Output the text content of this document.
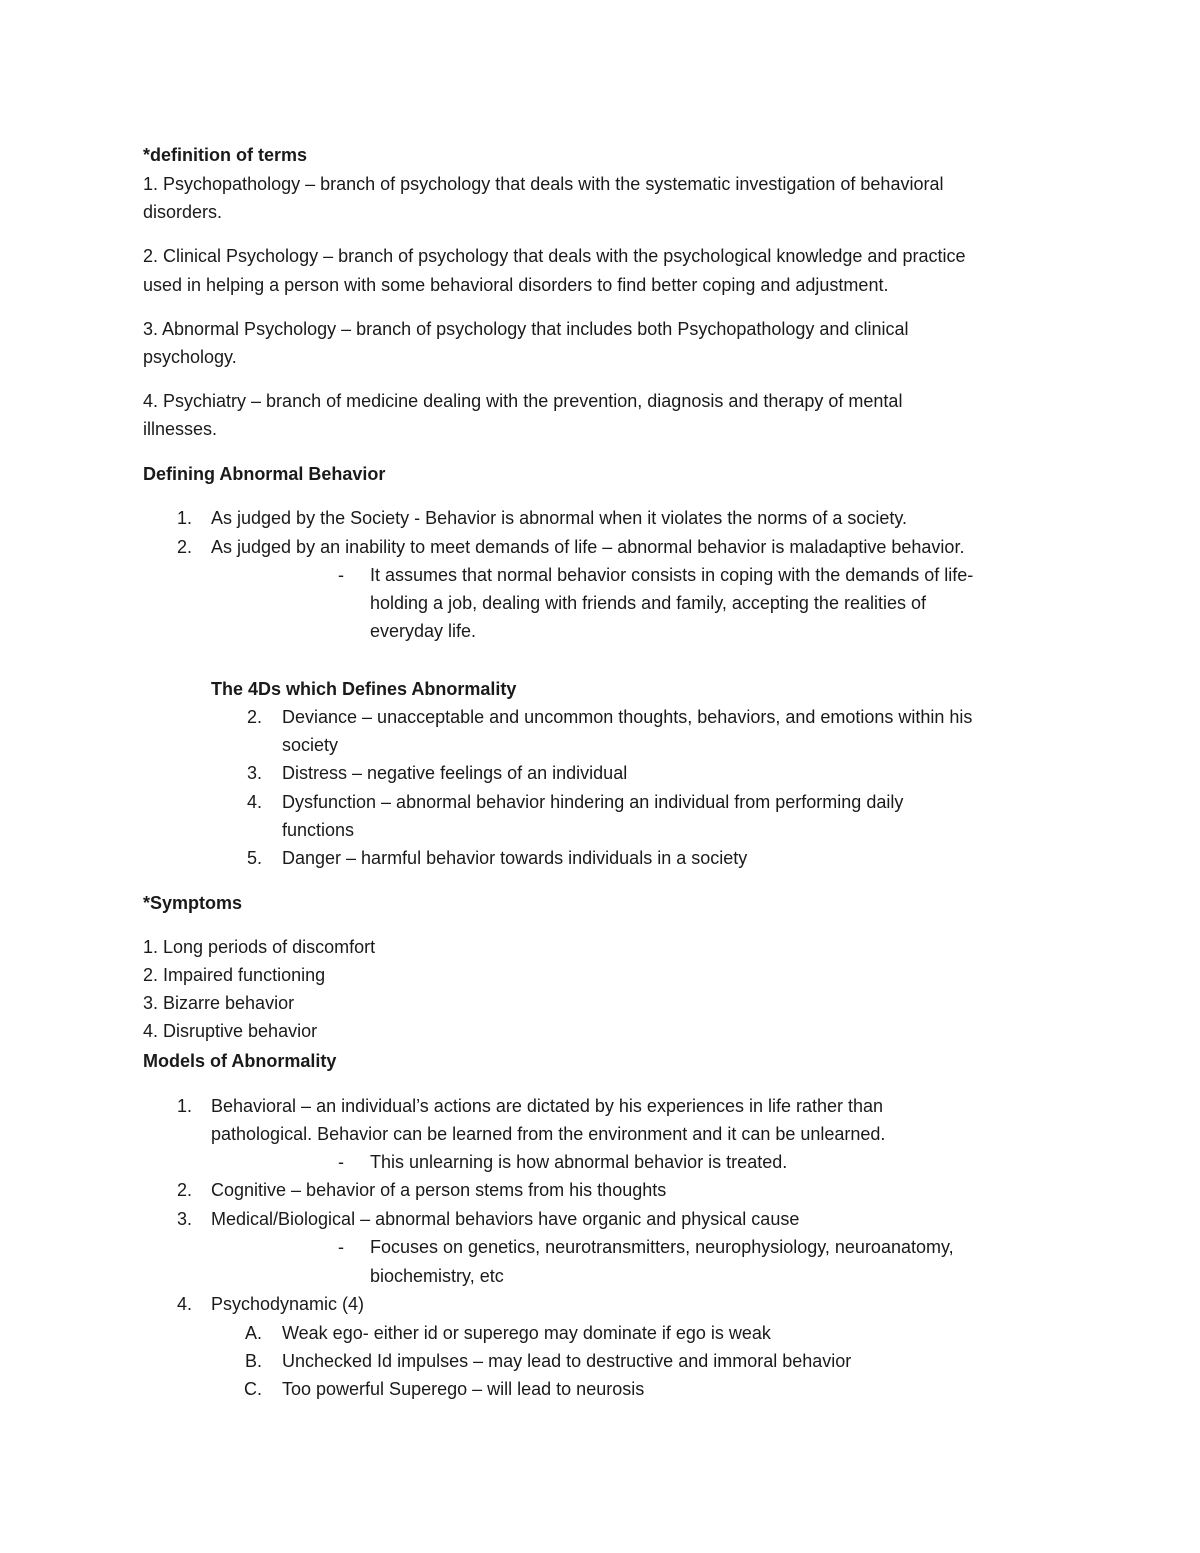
*definition of terms
1. Psychopathology – branch of psychology that deals with the systematic investigation of behavioral
disorders.
2. Clinical Psychology – branch of psychology that deals with the psychological knowledge and practice
used in helping a person with some behavioral disorders to find better coping and adjustment.
3. Abnormal Psychology – branch of psychology that includes both Psychopathology and clinical
psychology.
4. Psychiatry – branch of medicine dealing with the prevention, diagnosis and therapy of mental
illnesses.
Defining Abnormal Behavior
1. As judged by the Society - Behavior is abnormal when it violates the norms of a society.
2. As judged by an inability to meet demands of life – abnormal behavior is maladaptive behavior.
- It assumes that normal behavior consists in coping with the demands of life-
holding a job, dealing with friends and family, accepting the realities of
everyday life.
The 4Ds which Defines Abnormality
2. Deviance – unacceptable and uncommon thoughts, behaviors, and emotions within his
society
3. Distress – negative feelings of an individual
4. Dysfunction – abnormal behavior hindering an individual from performing daily
functions
5. Danger – harmful behavior towards individuals in a society
*Symptoms
1. Long periods of discomfort
2. Impaired functioning
3. Bizarre behavior
4. Disruptive behavior
Models of Abnormality
1. Behavioral – an individual’s actions are dictated by his experiences in life rather than
pathological. Behavior can be learned from the environment and it can be unlearned.
- This unlearning is how abnormal behavior is treated.
2. Cognitive – behavior of a person stems from his thoughts
3. Medical/Biological – abnormal behaviors have organic and physical cause
- Focuses on genetics, neurotransmitters, neurophysiology, neuroanatomy,
biochemistry, etc
4. Psychodynamic (4)
A. Weak ego- either id or superego may dominate if ego is weak
B. Unchecked Id impulses – may lead to destructive and immoral behavior
C. Too powerful Superego – will lead to neurosis
